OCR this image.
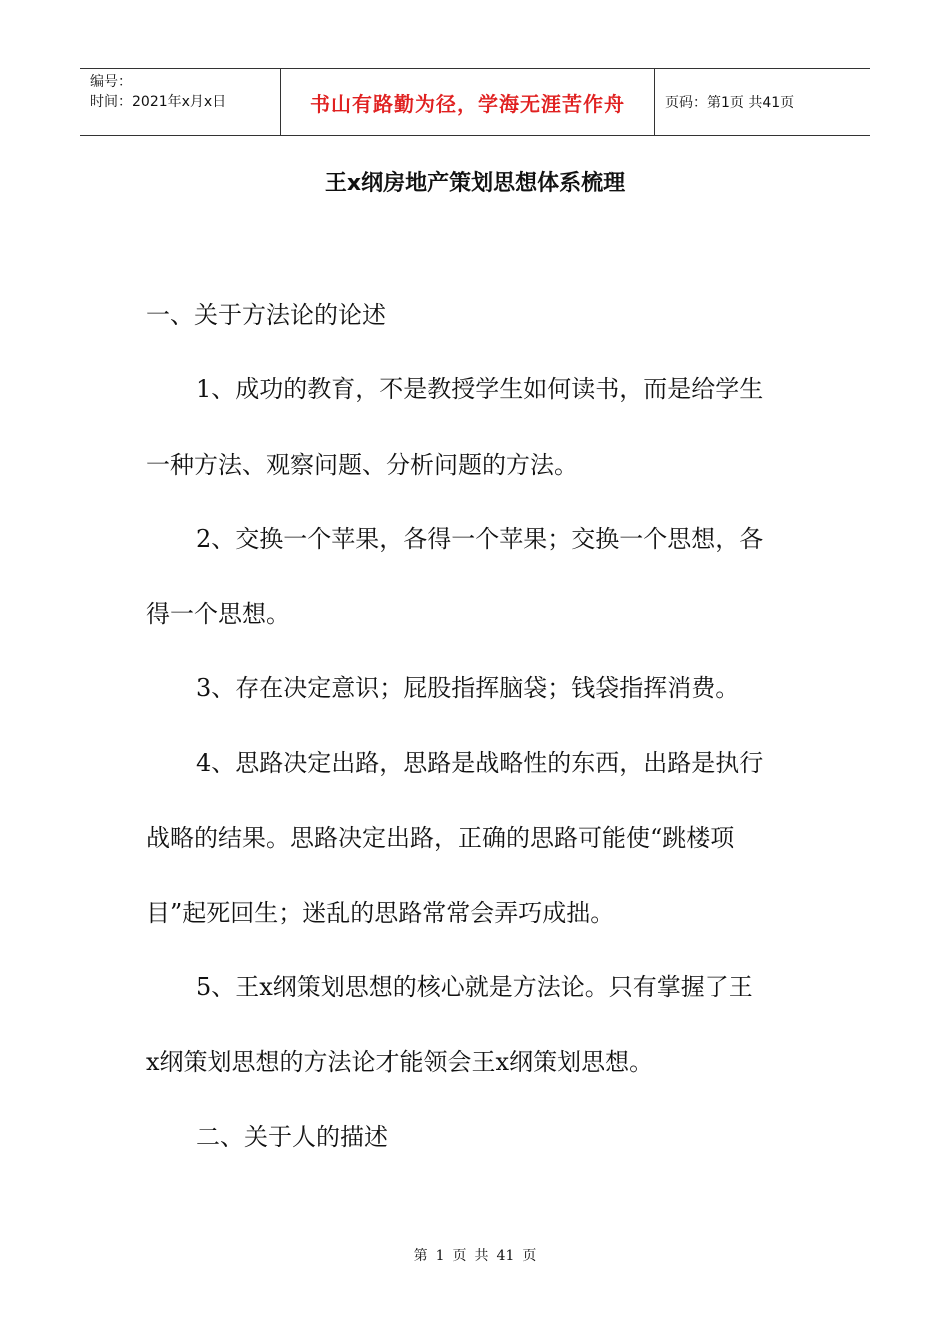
编号：
时间：2021年x月x日	书山有路勤为径，学海无涯苦作舟	页码：第1页 共41页
王x纲房地产策划思想体系梳理
一、关于方法论的论述
1、成功的教育，不是教授学生如何读书，而是给学生
一种方法、观察问题、分析问题的方法。
2、交换一个苹果，各得一个苹果；交换一个思想，各
得一个思想。
3、存在决定意识；屁股指挥脑袋；钱袋指挥消费。
4、思路决定出路，思路是战略性的东西，出路是执行
战略的结果。思路决定出路，正确的思路可能使“跳楼项
目”起死回生；迷乱的思路常常会弄巧成拙。
5、王x纲策划思想的核心就是方法论。只有掌握了王
x纲策划思想的方法论才能领会王x纲策划思想。
二、关于人的描述
第 1 页 共 41 页
